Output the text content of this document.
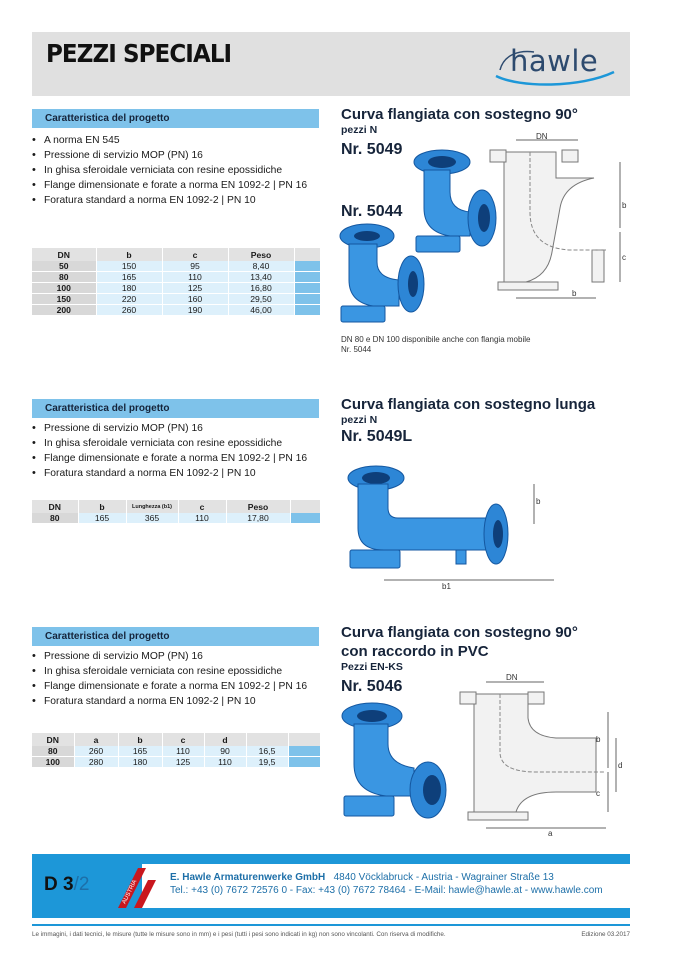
PEZZI SPECIALI	hawle
Caratteristica del progetto
• A norma EN 545
• Pressione di servizio MOP (PN) 16
• In ghisa sferoidale verniciata con resine epossidiche
• Flange dimensionate e forate a norma EN 1092-2 | PN 16
• Foratura standard a norma EN 1092-2 | PN 10
DN	b	c	Peso	
50	150	95	8,40	
80	165	110	13,40	
100	180	125	16,80	
150	220	160	29,50	
200	260	190	46,00	
Curva flangiata con sostegno 90°
pezzi N
Nr. 5049
Nr. 5044
DN 80 e DN 100 disponibile anche con flangia mobile
Nr. 5044
DN
b
c
b
Caratteristica del progetto
• Pressione di servizio MOP (PN) 16
• In ghisa sferoidale verniciata con resine epossidiche
• Flange dimensionate e forate a norma EN 1092-2 | PN 16
• Foratura standard a norma EN 1092-2 | PN 10
DN	b	Lunghezza (b1)	c	Peso	
80	165	365	110	17,80	
Curva flangiata con sostegno lunga
pezzi N
Nr. 5049L
b
b1
Caratteristica del progetto
• Pressione di servizio MOP (PN) 16
• In ghisa sferoidale verniciata con resine epossidiche
• Flange dimensionate e forate a norma EN 1092-2 | PN 16
• Foratura standard a norma EN 1092-2 | PN 10
DN	a	b	c	d		
80	260	165	110	90	16,5	
100	280	180	125	110	19,5	
Curva flangiata con sostegno 90°
con raccordo in PVC
Pezzi EN-KS
Nr. 5046
DN
d
b
c
a
D 3/2	AUSTRIA
E. Hawle Armaturenwerke GmbH 4840 Vöcklabruck - Austria - Wagrainer Straße 13
Tel.: +43 (0) 7672 72576 0 - Fax: +43 (0) 7672 78464 - E-Mail: hawle@hawle.at - www.hawle.com
Le immagini, i dati tecnici, le misure (tutte le misure sono in mm) e i pesi (tutti i pesi sono indicati in kg) non sono vincolanti. Con riserva di modifiche.	Edizione 03.2017
